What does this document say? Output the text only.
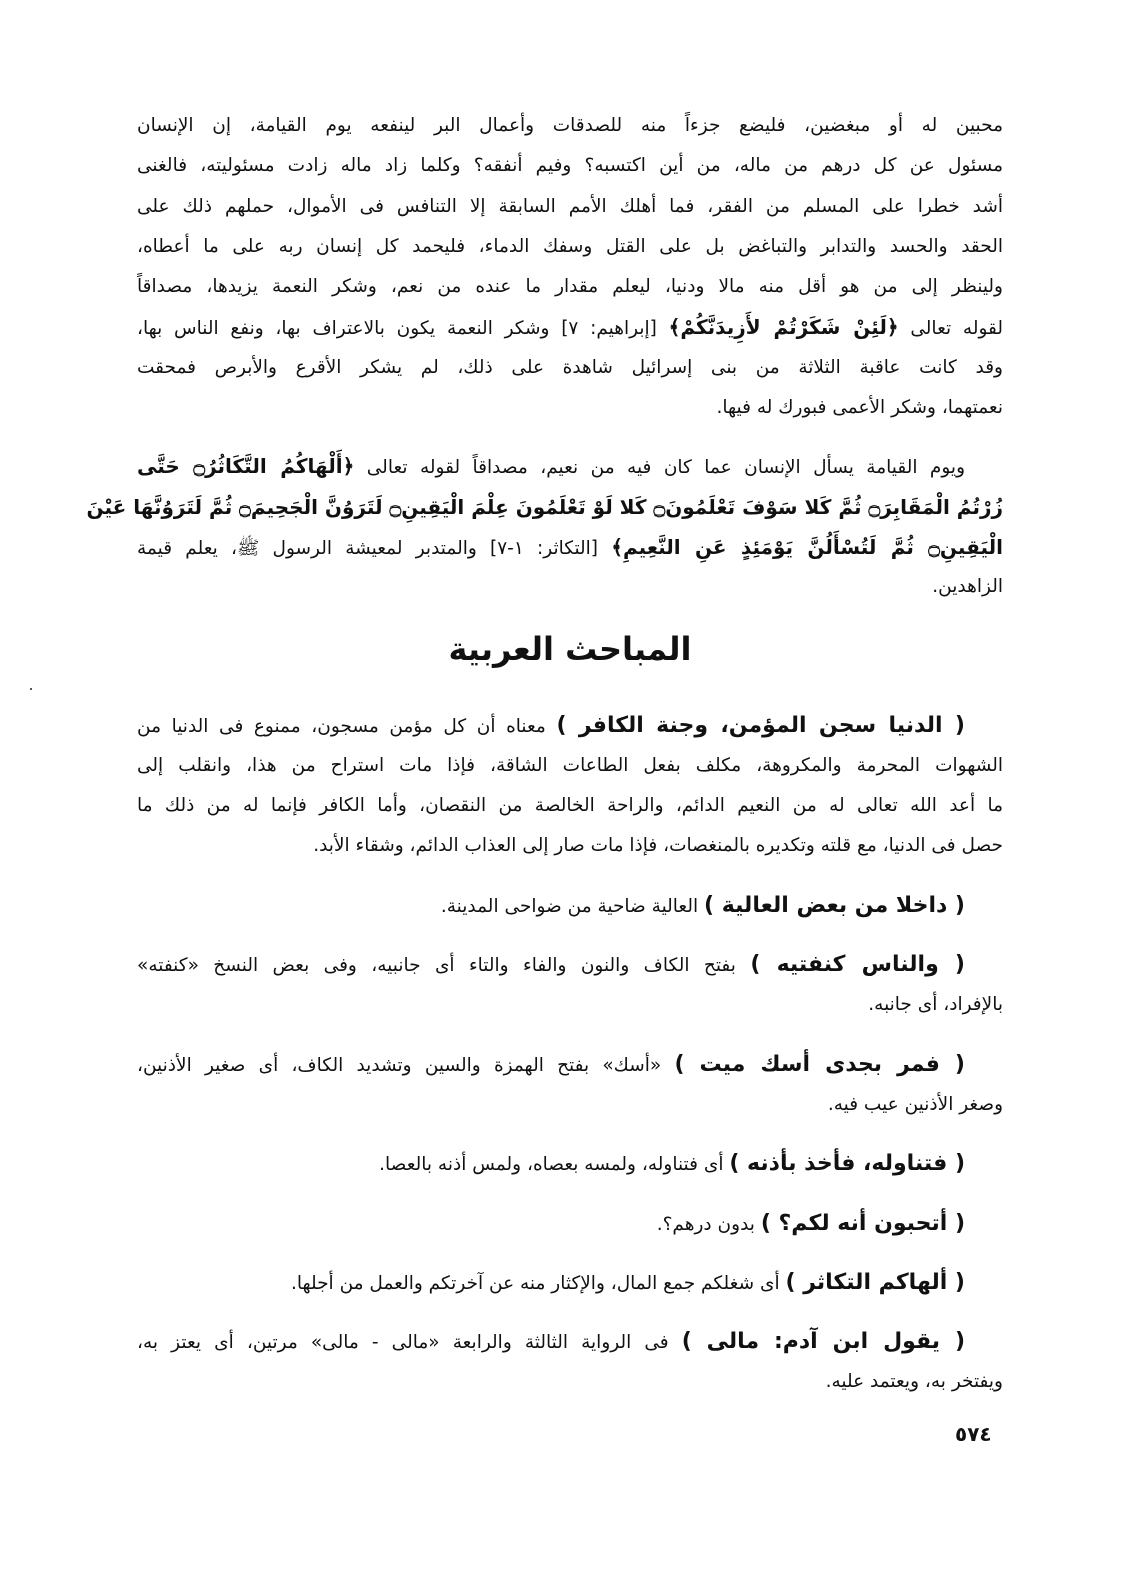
محبين له أو مبغضين، فليضع جزءاً منه للصدقات وأعمال البر لينفعه يوم القيامة، إن الإنسان
مسئول عن كل درهم من ماله، من أين اكتسبه؟ وفيم أنفقه؟ وكلما زاد ماله زادت مسئوليته، فالغنى
أشد خطرا على المسلم من الفقر، فما أهلك الأمم السابقة إلا التنافس فى الأموال، حملهم ذلك على
الحقد والحسد والتدابر والتباغض بل على القتل وسفك الدماء، فليحمد كل إنسان ربه على ما أعطاه،
ولينظر إلى من هو أقل منه مالا ودنيا، ليعلم مقدار ما عنده من نعم، وشكر النعمة يزيدها، مصداقاً
لقوله تعالى ﴿لَئِنْ شَكَرْتُمْ لأَزِيدَنَّكُمْ﴾ [إبراهيم: ٧] وشكر النعمة يكون بالاعتراف بها، ونفع الناس بها،
وقد كانت عاقبة الثلاثة من بنى إسرائيل شاهدة على ذلك، لم يشكر الأقرع والأبرص فمحقت
نعمتهما، وشكر الأعمى فبورك له فيها.
ويوم القيامة يسأل الإنسان عما كان فيه من نعيم، مصداقاً لقوله تعالى ﴿أَلْهَاكُمُ التَّكَاثُرُ۝ حَتَّى
زُرْتُمُ الْمَقَابِرَ۝ ثُمَّ كَلا سَوْفَ تَعْلَمُونَ۝ كَلا لَوْ تَعْلَمُونَ عِلْمَ الْيَقِينِ۝ لَتَرَوُنَّ الْجَحِيمَ۝ ثُمَّ لَتَرَوُنَّهَا عَيْنَ
الْيَقِينِ۝ ثُمَّ لَتُسْأَلُنَّ يَوْمَئِذٍ عَنِ النَّعِيمِ﴾ [التكاثر: ١-٧] والمتدبر لمعيشة الرسول ﷺ، يعلم قيمة
الزاهدين.
المباحث العربية
( الدنيا سجن المؤمن، وجنة الكافر ) معناه أن كل مؤمن مسجون، ممنوع فى الدنيا من
الشهوات المحرمة والمكروهة، مكلف بفعل الطاعات الشاقة، فإذا مات استراح من هذا، وانقلب إلى
ما أعد الله تعالى له من النعيم الدائم، والراحة الخالصة من النقصان، وأما الكافر فإنما له من ذلك ما
حصل فى الدنيا، مع قلته وتكديره بالمنغصات، فإذا مات صار إلى العذاب الدائم، وشقاء الأبد.
( داخلا من بعض العالية ) العالية ضاحية من ضواحى المدينة.
( والناس كنفتيه ) بفتح الكاف والنون والفاء والتاء أى جانبيه، وفى بعض النسخ «كنفته»
بالإفراد، أى جانبه.
( فمر بجدى أسك ميت ) «أسك» بفتح الهمزة والسين وتشديد الكاف، أى صغير الأذنين،
وصغر الأذنين عيب فيه.
( فتناوله، فأخذ بأذنه ) أى فتناوله، ولمسه بعصاه، ولمس أذنه بالعصا.
( أتحبون أنه لكم؟ ) بدون درهم؟.
( ألهاكم التكاثر ) أى شغلكم جمع المال، والإكثار منه عن آخرتكم والعمل من أجلها.
( يقول ابن آدم: مالى ) فى الرواية الثالثة والرابعة «مالى - مالى» مرتين، أى يعتز به،
ويفتخر به، ويعتمد عليه.
٥٧٤
